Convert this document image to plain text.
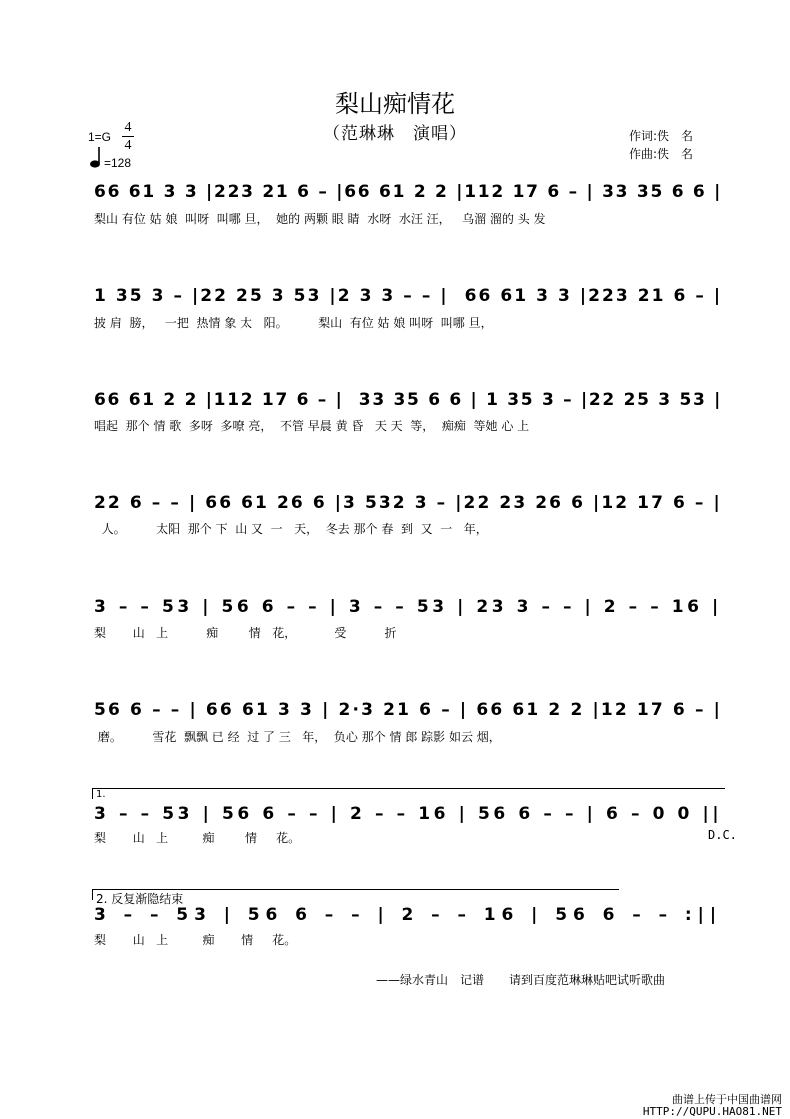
梨山痴情花
（范琳琳　演唱）
1=G
4
4
=128
作词:佚　名
作曲:佚　名
66 61 3 3 |223 21 6 – |66 61 2 2 |112 17 6 – | 33 35 6 6 |
梨山 有位 姑 娘  叫呀  叫哪 旦，  她的 两颗 眼 睛  水呀  水汪 汪，   乌溜 溜的 头 发
1 35 3 – |22 25 3 53 |2 3 3 – – |  66 61 3 3 |223 21 6 – |
披 肩  膀，   一把  热情 象 太   阳。        梨山  有位 姑 娘 叫呀  叫哪 旦，
66 61 2 2 |112 17 6 – |  33 35 6 6 | 1 35 3 – |22 25 3 53 |
唱起  那个 情 歌  多呀  多嘹 亮，  不管 早晨 黄 昏   天 天  等，  痴痴  等她 心 上
22 6 – – | 66 61 26 6 |3 532 3 – |22 23 26 6 |12 17 6 – |
人。        太阳  那个 下  山 又  一   天，  冬去 那个 春  到  又  一   年，
3 – – 53 | 56 6 – – | 3 – – 53 | 23 3 – – | 2 – – 16 |
梨       山   上          痴        情   花，          受          折
56 6 – – | 66 61 3 3 | 2·3 21 6 – | 66 61 2 2 |12 17 6 – |
磨。        雪花  飘飘 已 经  过 了 三   年，  负心 那个 情 郎 踪影 如云 烟，
3 – – 53 | 56 6 – – | 2 – – 16 | 56 6 – – | 6 – 0 0 ||
梨       山   上         痴        情     花。
1.
D.C.
3 – – 53 | 56 6 – – | 2 – – 16 | 56 6 – – :||
梨       山   上         痴       情     花。
2. 反复渐隐结束
——绿水青山　记谱 请到百度范琳琳贴吧试听歌曲
曲谱上传于中国曲谱网
HTTP://QUPU.HAO81.NET
